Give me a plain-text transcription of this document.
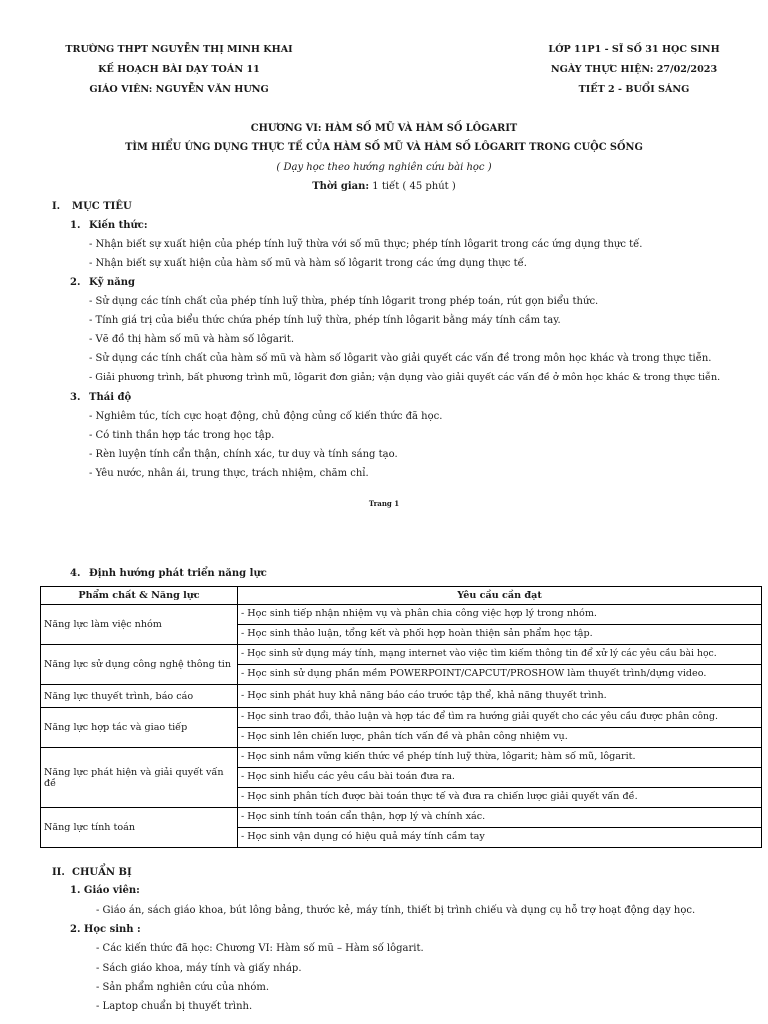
TRƯỜNG THPT NGUYỄN THỊ MINH KHAI
KẾ HOẠCH BÀI DẠY TOÁN 11
GIÁO VIÊN: NGUYỄN VĂN HƯNG
LỚP 11P1 - SĨ SỐ 31 HỌC SINH
NGÀY THỰC HIỆN: 27/02/2023
TIẾT 2 - BUỔI SÁNG
CHƯƠNG VI: HÀM SỐ MŨ VÀ HÀM SỐ LÔGARIT
TÌM HIỂU ỨNG DỤNG THỰC TẾ CỦA HÀM SỐ MŨ VÀ HÀM SỐ LÔGARIT TRONG CUỘC SỐNG
( Dạy học theo hướng nghiên cứu bài học )
Thời gian: 1 tiết ( 45 phút )
I. MỤC TIÊU
1. Kiến thức:
- Nhận biết sự xuất hiện của phép tính luỹ thừa với số mũ thực; phép tính lôgarit trong các ứng dụng thực tế.
- Nhận biết sự xuất hiện của hàm số mũ và hàm số lôgarit trong các ứng dụng thực tế.
2. Kỹ năng
- Sử dụng các tính chất của phép tính luỹ thừa, phép tính lôgarit trong phép toán, rút gọn biểu thức.
- Tính giá trị của biểu thức chứa phép tính luỹ thừa, phép tính lôgarit bằng máy tính cầm tay.
- Vẽ đồ thị hàm số mũ và hàm số lôgarit.
- Sử dụng các tính chất của hàm số mũ và hàm số lôgarit vào giải quyết các vấn đề trong môn học khác và trong thực tiễn.
- Giải phương trình, bất phương trình mũ, lôgarit đơn giản; vận dụng vào giải quyết các vấn đề ở môn học khác & trong thực tiễn.
3. Thái độ
- Nghiêm túc, tích cực hoạt động, chủ động củng cố kiến thức đã học.
- Có tinh thần hợp tác trong học tập.
- Rèn luyện tính cẩn thận, chính xác, tư duy và tính sáng tạo.
- Yêu nước, nhân ái, trung thực, trách nhiệm, chăm chỉ.
Trang 1
4. Định hướng phát triển năng lực
Phẩm chất & Năng lực	Yêu cầu cần đạt
Năng lực làm việc nhóm	- Học sinh tiếp nhận nhiệm vụ và phân chia công việc hợp lý trong nhóm.
- Học sinh thảo luận, tổng kết và phối hợp hoàn thiện sản phẩm học tập.

Năng lực sử dụng công nghệ thông tin	- Học sinh sử dụng máy tính, mạng internet vào việc tìm kiếm thông tin để xử lý các yêu cầu bài học.
- Học sinh sử dụng phần mềm POWERPOINT/CAPCUT/PROSHOW làm thuyết trình/dựng video.

Năng lực thuyết trình, báo cáo	- Học sinh phát huy khả năng báo cáo trước tập thể, khả năng thuyết trình.

Năng lực hợp tác và giao tiếp	- Học sinh trao đổi, thảo luận và hợp tác để tìm ra hướng giải quyết cho các yêu cầu được phân công.
- Học sinh lên chiến lược, phân tích vấn đề và phân công nhiệm vụ.

Năng lực phát hiện và giải quyết vấn đề	- Học sinh nắm vững kiến thức về phép tính luỹ thừa, lôgarit; hàm số mũ, lôgarit.
- Học sinh hiểu các yêu cầu bài toán đưa ra.
- Học sinh phân tích được bài toán thực tế và đưa ra chiến lược giải quyết vấn đề.

Năng lực tính toán	- Học sinh tính toán cẩn thận, hợp lý và chính xác.
- Học sinh vận dụng có hiệu quả máy tính cầm tay
II. CHUẨN BỊ
1. Giáo viên:
- Giáo án, sách giáo khoa, bút lông bảng, thước kẻ, máy tính, thiết bị trình chiếu và dụng cụ hỗ trợ hoạt động dạy học.
2. Học sinh :
- Các kiến thức đã học: Chương VI: Hàm số mũ – Hàm số lôgarit.
- Sách giáo khoa, máy tính và giấy nháp.
- Sản phẩm nghiên cứu của nhóm.
- Laptop chuẩn bị thuyết trình.
